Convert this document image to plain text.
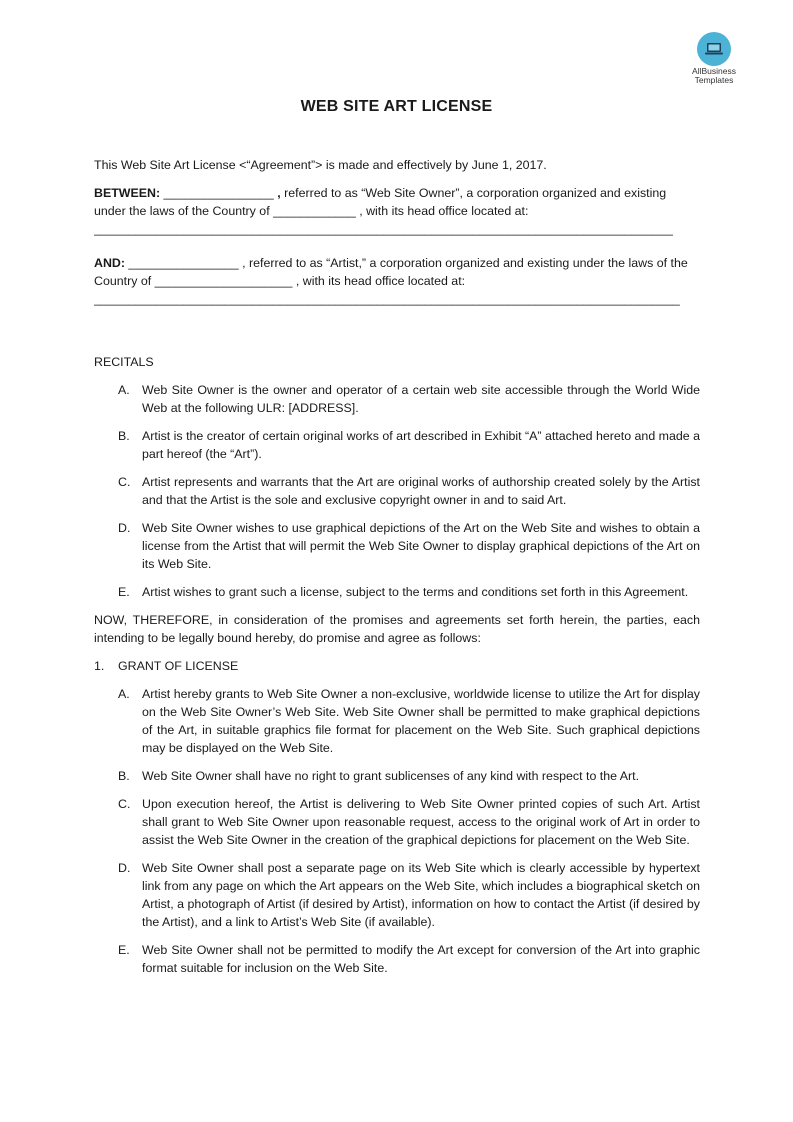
AllBusiness
Templates
WEB SITE ART LICENSE

This Web Site Art License <“Agreement”> is made and effectively by June 1, 2017.

BETWEEN: ________________ , referred to as “Web Site Owner”, a corporation organized and existing under the laws of the Country of ____________ , with its head office located at:

____________________________________________________________________________________

AND: ________________ , referred to as “Artist,” a corporation organized and existing under the laws of the Country of ____________________ , with its head office located at:

_____________________________________________________________________________________

RECITALS

A. Web Site Owner is the owner and operator of a certain web site accessible through the World Wide Web at the following ULR: [ADDRESS].
B. Artist is the creator of certain original works of art described in Exhibit “A” attached hereto and made a part hereof (the “Art”).
C. Artist represents and warrants that the Art are original works of authorship created solely by the Artist and that the Artist is the sole and exclusive copyright owner in and to said Art.
D. Web Site Owner wishes to use graphical depictions of the Art on the Web Site and wishes to obtain a license from the Artist that will permit the Web Site Owner to display graphical depictions of the Art on its Web Site.
E. Artist wishes to grant such a license, subject to the terms and conditions set forth in this Agreement.

NOW, THEREFORE, in consideration of the promises and agreements set forth herein, the parties, each intending to be legally bound hereby, do promise and agree as follows:

1.	GRANT OF LICENSE
A. Artist hereby grants to Web Site Owner a non-exclusive, worldwide license to utilize the Art for display on the Web Site Owner’s Web Site. Web Site Owner shall be permitted to make graphical depictions of the Art, in suitable graphics file format for placement on the Web Site. Such graphical depictions may be displayed on the Web Site.
B. Web Site Owner shall have no right to grant sublicenses of any kind with respect to the Art.
C. Upon execution hereof, the Artist is delivering to Web Site Owner printed copies of such Art. Artist shall grant to Web Site Owner upon reasonable request, access to the original work of Art in order to assist the Web Site Owner in the creation of the graphical depictions for placement on the Web Site.
D. Web Site Owner shall post a separate page on its Web Site which is clearly accessible by hypertext link from any page on which the Art appears on the Web Site, which includes a biographical sketch on Artist, a photograph of Artist (if desired by Artist), information on how to contact the Artist (if desired by the Artist), and a link to Artist’s Web Site (if available).
E. Web Site Owner shall not be permitted to modify the Art except for conversion of the Art into graphic format suitable for inclusion on the Web Site.
